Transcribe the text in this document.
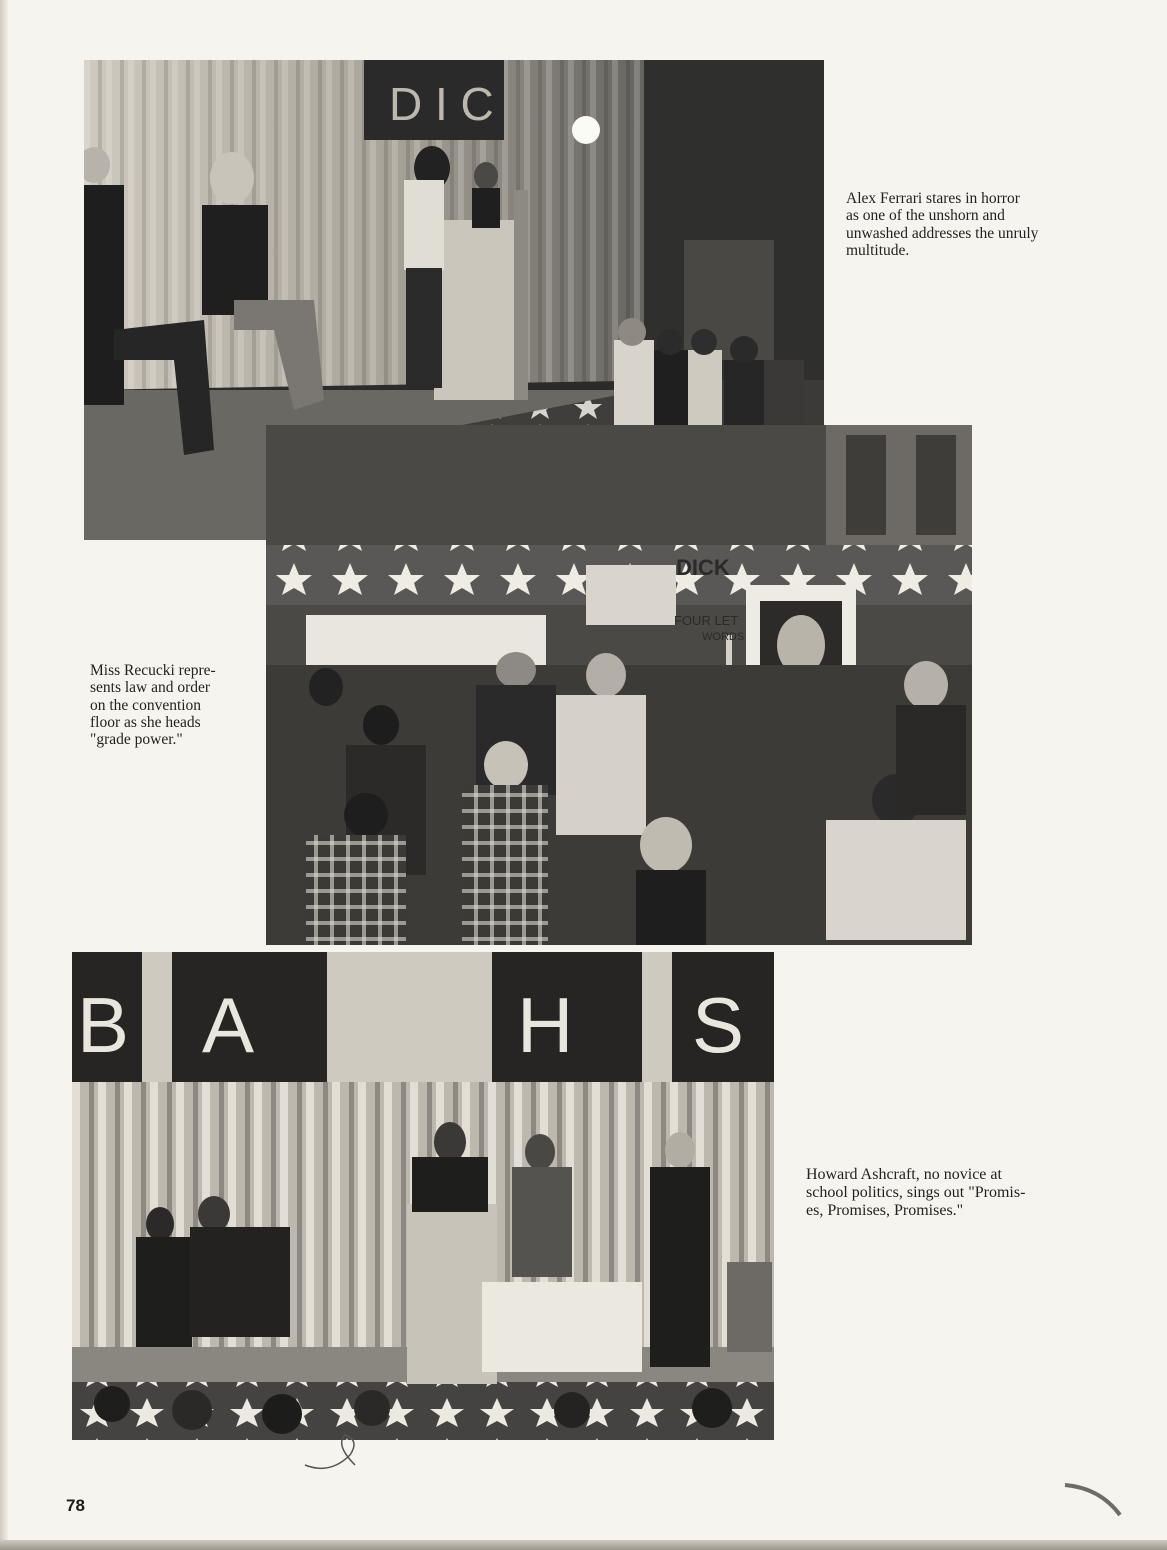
D I C
DICK
FOUR LET
WORDS
B A	H S
Alex Ferrari stares in horror
as one of the unshorn and
unwashed addresses the unruly
multitude.
Miss Recucki repre-
sents law and order
on the convention
floor as she heads
"grade power."
Howard Ashcraft, no novice at
school politics, sings out "Promis-
es, Promises, Promises."
78
